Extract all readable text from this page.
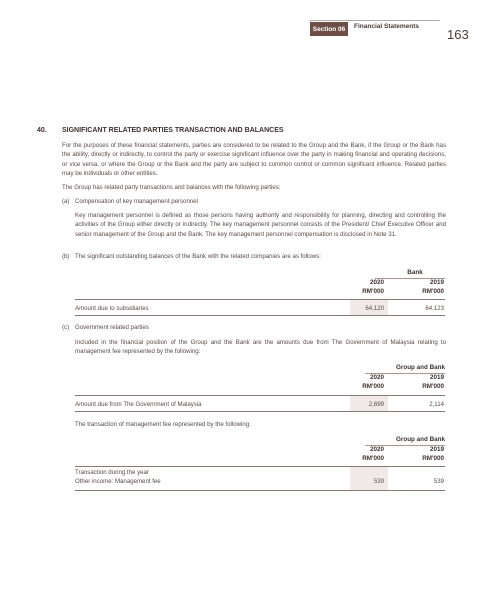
Section 06	Financial Statements
163
40. SIGNIFICANT RELATED PARTIES TRANSACTION AND BALANCES
For the purposes of these financial statements, parties are considered to be related to the Group and the Bank, if the Group or the Bank has the ability, directly or indirectly, to control the party or exercise significant influence over the party in making financial and operating decisions, or vice versa, or where the Group or the Bank and the party are subject to common control or common significant influence. Related parties may be individuals or other entities.
The Group has related party transactions and balances with the following parties:
(a) Compensation of key management personnel
Key management personnel is defined as those persons having authority and responsibility for planning, directing and controlling the activities of the Group either directly or indirectly. The key management personnel consists of the President/ Chief Executive Officer and senior management of the Group and the Bank. The key management personnel compensation is disclosed in Note 31.
(b) The significant outstanding balances of the Bank with the related companies are as follows:
Bank
2020
RM'000
2019
RM'000
Amount due to subsidiaries	64,120	64,123
(c) Government related parties
Included in the financial position of the Group and the Bank are the amounts due from The Government of Malaysia relating to management fee represented by the following:
Group and Bank
2020
RM'000
2019
RM'000
Amount due from The Government of Malaysia	2,699	2,114
The transaction of management fee represented by the following:
Group and Bank
2020
RM'000
2019
RM'000
Transaction during the year
Other income: Management fee	539	539
